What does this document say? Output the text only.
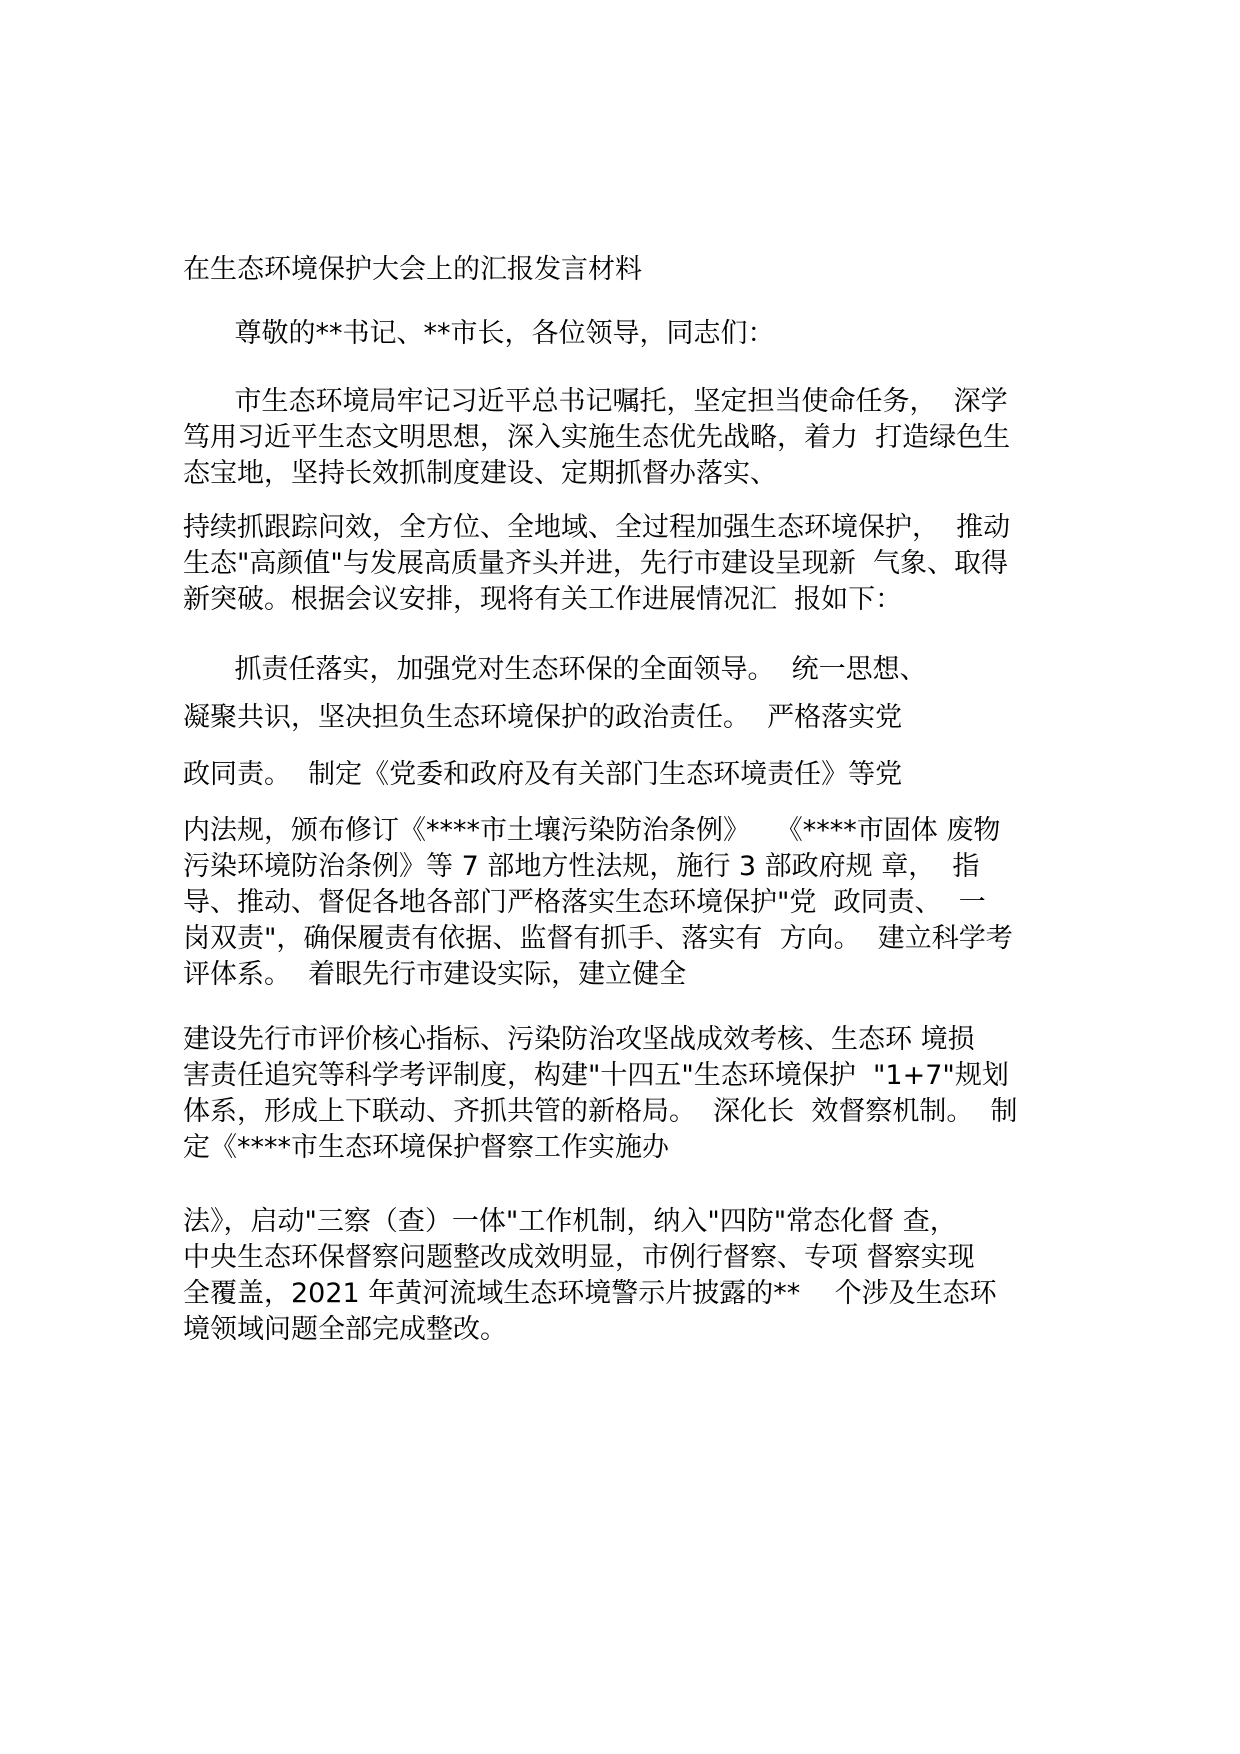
在生态环境保护大会上的汇报发言材料

尊敬的**书记、**市长，各位领导，同志们：

市生态环境局牢记习近平总书记嘱托，坚定担当使命任务，  深学
笃用习近平生态文明思想，深入实施生态优先战略，着力  打造绿色生
态宝地，坚持长效抓制度建设、定期抓督办落实、

持续抓跟踪问效，全方位、全地域、全过程加强生态环境保护，  推动
生态"高颜值"与发展高质量齐头并进，先行市建设呈现新  气象、取得
新突破。根据会议安排，现将有关工作进展情况汇  报如下：

抓责任落实，加强党对生态环保的全面领导。  统一思想、

凝聚共识，坚决担负生态环境保护的政治责任。  严格落实党

政同责。  制定《党委和政府及有关部门生态环境责任》等党

内法规，颁布修订《****市土壤污染防治条例》   《****市固体 废物
污染环境防治条例》等 7 部地方性法规，施行 3 部政府规 章，  指
导、推动、督促各地各部门严格落实生态环境保护"党  政同责、  一
岗双责"，确保履责有依据、监督有抓手、落实有  方向。  建立科学考
评体系。  着眼先行市建设实际，建立健全

建设先行市评价核心指标、污染防治攻坚战成效考核、生态环 境损
害责任追究等科学考评制度，构建"十四五"生态环境保护  "1+7"规划
体系，形成上下联动、齐抓共管的新格局。  深化长  效督察机制。  制
定《****市生态环境保护督察工作实施办

法》，启动"三察（查）一体"工作机制，纳入"四防"常态化督 查，
中央生态环保督察问题整改成效明显，市例行督察、专项 督察实现
全覆盖，2021 年黄河流域生态环境警示片披露的**    个涉及生态环
境领域问题全部完成整改。
